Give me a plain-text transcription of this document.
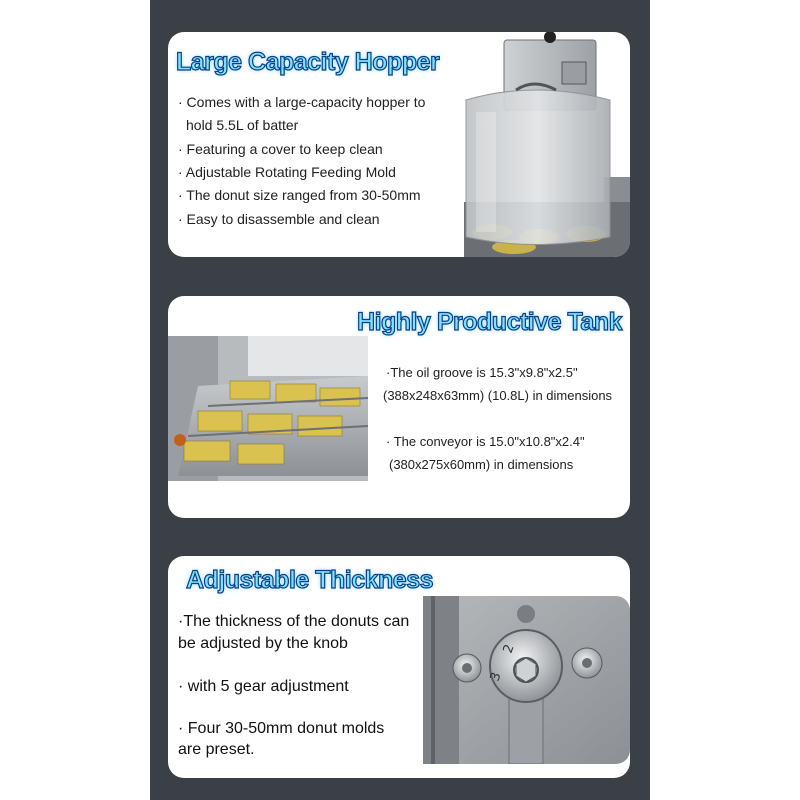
Large Capacity Hopper
· Comes with a large-capacity hopper to
hold 5.5L of batter
· Featuring a cover to keep clean
· Adjustable Rotating Feeding Mold
· The donut size ranged from 30-50mm
· Easy to disassemble and clean
Highly Productive Tank
·The oil groove is 15.3"x9.8"x2.5"
(388x248x63mm) (10.8L) in dimensions
· The conveyor is 15.0"x10.8"x2.4"
(380x275x60mm) in dimensions
Adjustable Thickness
·The thickness of the donuts can
be adjusted by the knob
· with 5 gear adjustment
· Four 30-50mm donut molds
are preset.
3
2
